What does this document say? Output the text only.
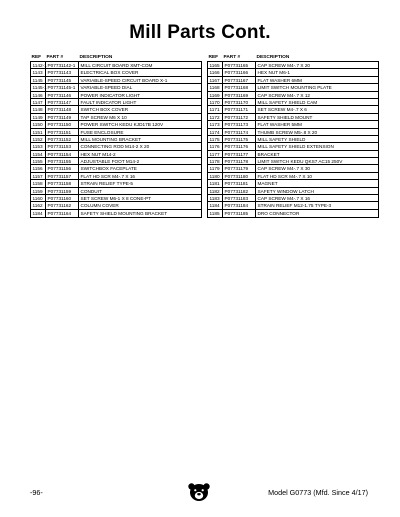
Mill Parts Cont.
REF	PART #	DESCRIPTION
1142-1 P07731142-1	MILL CIRCUIT BOARD XMT-COM
1143	P07731143	ELECTRICAL BOX COVER
1145	P07731145	VARIABLE-SPEED CIRCUIT BOARD X-1
1145-1 P07731145-1	VARIABLE-SPEED DIAL
1146	P07731146	POWER INDICATOR LIGHT
1147	P07731147	FAULT INDICATOR LIGHT
1148	P07731148	SWITCH BOX COVER
1149	P07731149	TAP SCREW M6 X 10
1150	P07731150	POWER SWITCH KEDU KJD17B 120V
1151	P07731151	FUSE ENCLOSURE
1152	P07731152	MILL MOUNTING BRACKET
1153	P07731153	CONNECTING ROD M14-2 X 20
1154	P07731154	HEX NUT M14-2
1155	P07731155	ADJUSTABLE FOOT M14-2
1156	P07731156	SWITCHBOX FACEPLATE
1157	P07731157	FLAT HD SCR M4-.7 X 16
1158	P07731158	STRAIN RELIEF TYPE-5
1159	P07731159	CONDUIT
1160	P07731160	SET SCREW M6-1 X 8 CONE-PT
1162	P07731162	COLUMN COVER
1184	P07731164	SAFETY SHIELD MOUNTING BRACKET
REF	PART #	DESCRIPTION
1165	P07731165	CAP SCREW M4-.7 X 20
1166	P07731166	HEX NUT M6-1
1167	P07731167	FLAT WASHER 6MM
1168	P07731168	LIMIT SWITCH MOUNTING PLATE
1169	P07731169	CAP SCREW M4-.7 X 12
1170	P07731170	MILL SAFETY SHIELD CAM
1171	P07731171	SET SCREW M4-.7 X 6
1172	P07731172	SAFETY SHIELD MOUNT
1173	P07731173	FLAT WASHER 5MM
1174	P07731174	THUMB SCREW M5-.8 X 20
1175	P07731175	MILL SAFETY SHIELD
1176	P07731176	MILL SAFETY SHIELD EXTENSION
1177	P07731177	BRACKET
1178	P07731178	LIMIT SWITCH KEDU QKS7 AC15 250V
1179	P07731179	CAP SCREW M4-.7 X 30
1180	P07731180	FLAT HD SCR M4-.7 X 10
1181	P07731181	MAGNET
1182	P07731182	SAFETY WINDOW LATCH
1183	P07731183	CAP SCREW M4-.7 X 16
1184	P07731184	STRAIN RELIEF M12-1.75 TYPE-3
1185	P07731185	DRO CONNECTOR
-96-	Model G0773 (Mfd. Since 4/17)
